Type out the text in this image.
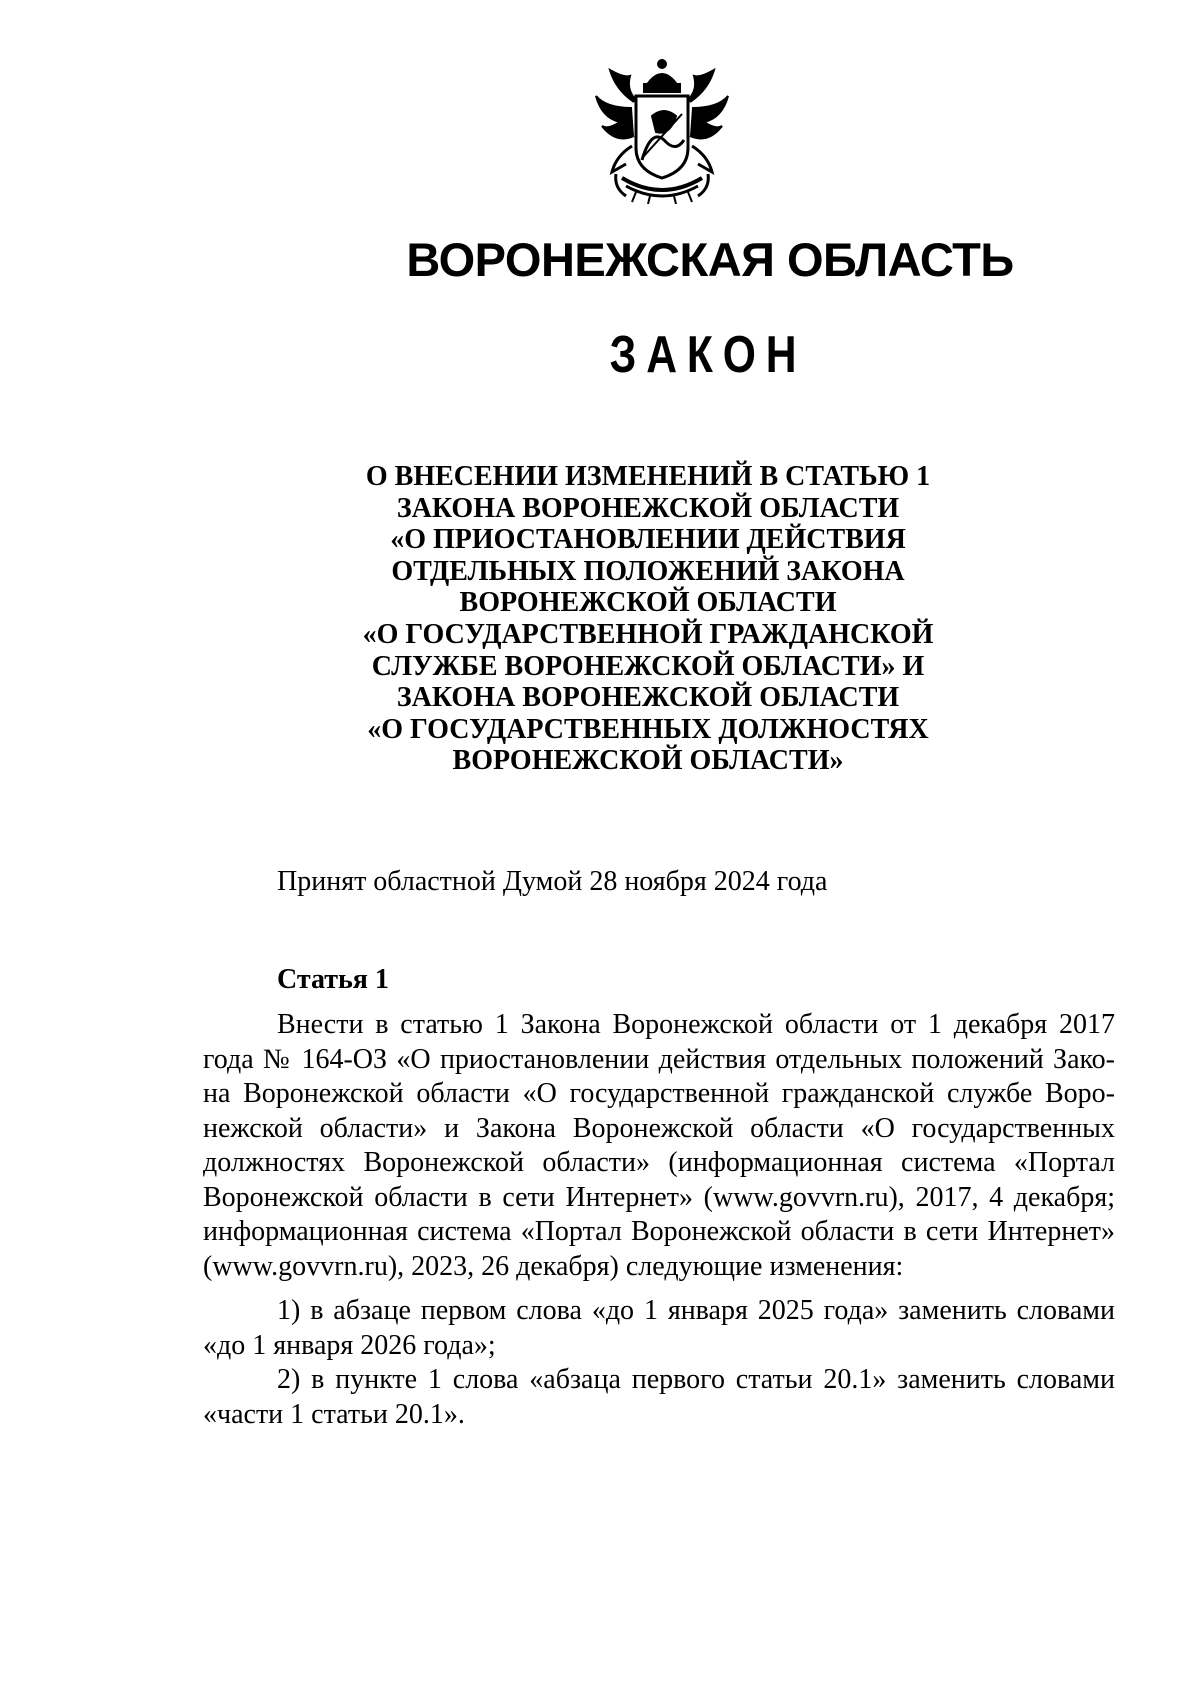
ВОРОНЕЖСКАЯ ОБЛАСТЬ
ЗАКОН
О ВНЕСЕНИИ ИЗМЕНЕНИЙ В СТАТЬЮ 1
ЗАКОНА ВОРОНЕЖСКОЙ ОБЛАСТИ
«О ПРИОСТАНОВЛЕНИИ ДЕЙСТВИЯ
ОТДЕЛЬНЫХ ПОЛОЖЕНИЙ ЗАКОНА
ВОРОНЕЖСКОЙ ОБЛАСТИ
«О ГОСУДАРСТВЕННОЙ ГРАЖДАНСКОЙ
СЛУЖБЕ ВОРОНЕЖСКОЙ ОБЛАСТИ» И
ЗАКОНА ВОРОНЕЖСКОЙ ОБЛАСТИ
«О ГОСУДАРСТВЕННЫХ ДОЛЖНОСТЯХ
ВОРОНЕЖСКОЙ ОБЛАСТИ»
Принят областной Думой 28 ноября 2024 года
Статья 1
Внести в статью 1 Закона Воронежской области от 1 декабря 2017
года № 164-ОЗ «О приостановлении действия отдельных положений Зако-
на Воронежской области «О государственной гражданской службе Воро-
нежской области» и Закона Воронежской области «О государственных
должностях Воронежской области» (информационная система «Портал
Воронежской области в сети Интернет» (www.govvrn.ru), 2017, 4 декабря;
информационная система «Портал Воронежской области в сети Интернет»
(www.govvrn.ru), 2023, 26 декабря) следующие изменения:
1) в абзаце первом слова «до 1 января 2025 года» заменить словами
«до 1 января 2026 года»;
2) в пункте 1 слова «абзаца первого статьи 20.1» заменить словами
«части 1 статьи 20.1».
